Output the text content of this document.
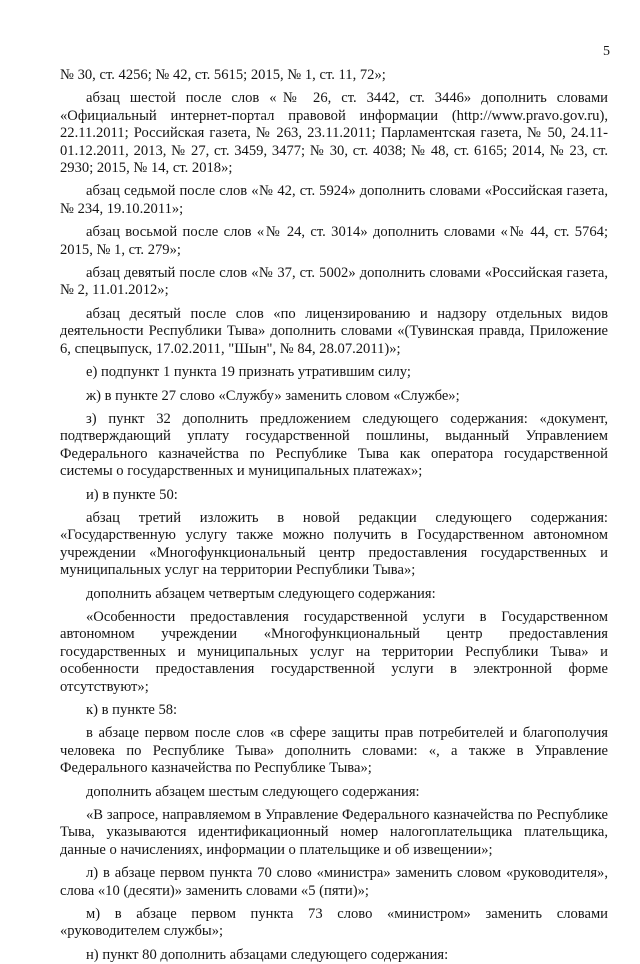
5

№ 30, ст. 4256; № 42, ст. 5615; 2015, № 1, ст. 11, 72»;

абзац шестой после слов «№ 26, ст. 3442, ст. 3446» дополнить словами «Официальный интернет-портал правовой информации (http://www.pravo.gov.ru), 22.11.2011; Российская газета, № 263, 23.11.2011; Парламентская газета, № 50, 24.11-01.12.2011, 2013, № 27, ст. 3459, 3477; № 30, ст. 4038; № 48, ст. 6165; 2014, № 23, ст. 2930; 2015, № 14, ст. 2018»;

абзац седьмой после слов «№ 42, ст. 5924» дополнить словами «Российская газета, № 234, 19.10.2011»;

абзац восьмой после слов «№ 24, ст. 3014» дополнить словами «№ 44, ст. 5764; 2015, № 1, ст. 279»;

абзац девятый после слов «№ 37, ст. 5002» дополнить словами «Российская газета, № 2, 11.01.2012»;

абзац десятый после слов «по лицензированию и надзору отдельных видов деятельности Республики Тыва» дополнить словами «(Тувинская правда, Приложение 6, спецвыпуск, 17.02.2011, "Шын", № 84, 28.07.2011)»;

е) подпункт 1 пункта 19 признать утратившим силу;

ж) в пункте 27 слово «Службу» заменить словом «Службе»;

з) пункт 32 дополнить предложением следующего содержания: «документ, подтверждающий уплату государственной пошлины, выданный Управлением Федерального казначейства по Республике Тыва как оператора государственной системы о государственных и муниципальных платежах»;

и) в пункте 50:

абзац третий изложить в новой редакции следующего содержания: «Государственную услугу также можно получить в Государственном автономном учреждении «Многофункциональный центр предоставления государственных и муниципальных услуг на территории Республики Тыва»;

дополнить абзацем четвертым следующего содержания:

«Особенности предоставления государственной услуги в Государственном автономном учреждении «Многофункциональный центр предоставления государственных и муниципальных услуг на территории Республики Тыва» и особенности предоставления государственной услуги в электронной форме отсутствуют»;

к) в пункте 58:

в абзаце первом после слов «в сфере защиты прав потребителей и благополучия человека по Республике Тыва» дополнить словами: «, а также в Управление Федерального казначейства по Республике Тыва»;

дополнить абзацем шестым следующего содержания:

«В запросе, направляемом в Управление Федерального казначейства по Республике Тыва, указываются идентификационный номер налогоплательщика плательщика, данные о начислениях, информации о плательщике и об извещении»;

л) в абзаце первом пункта 70 слово «министра» заменить словом «руководителя», слова «10 (десяти)» заменить словами «5 (пяти)»;

м) в абзаце первом пункта 73 слово «министром» заменить словами «руководителем службы»;

н) пункт 80 дополнить абзацами следующего содержания:
